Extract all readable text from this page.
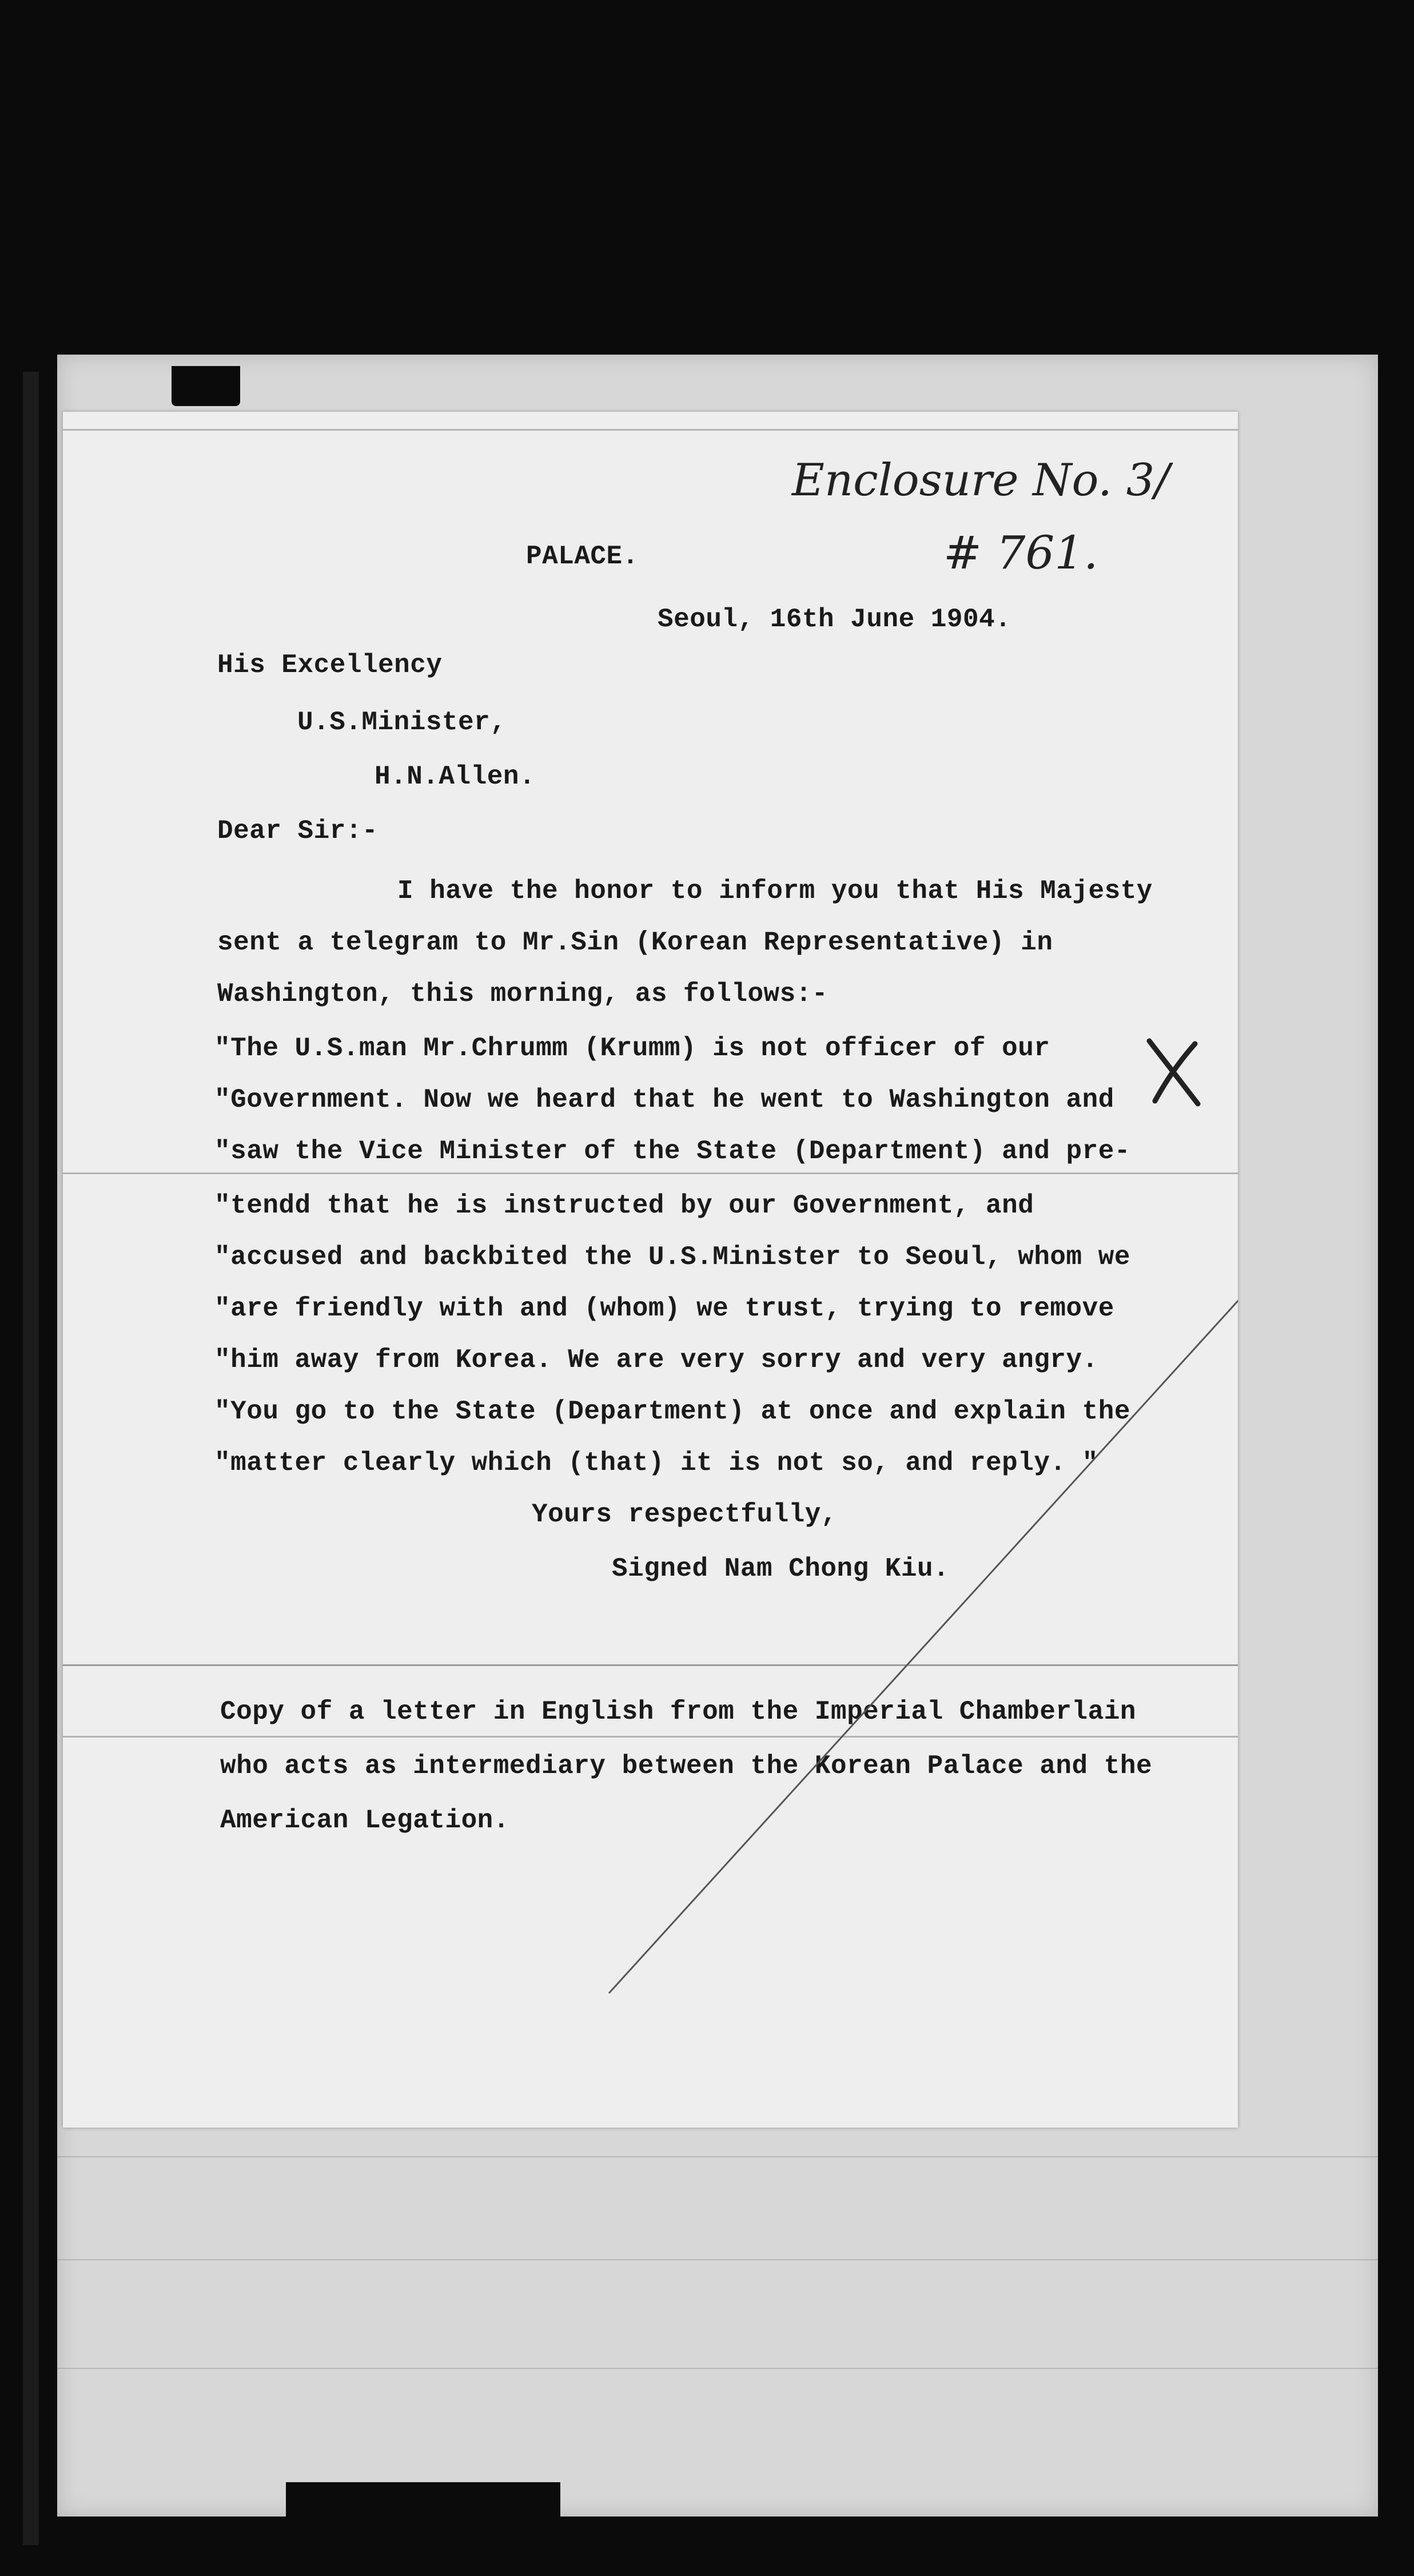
Enclosure No. 3/
# 761.
PALACE.
Seoul, 16th June 1904.
His Excellency
U.S.Minister,
H.N.Allen.
Dear Sir:-
I have the honor to inform you that His Majesty
sent a telegram to Mr.Sin (Korean Representative) in
Washington, this morning, as follows:-
"The U.S.man Mr.Chrumm (Krumm) is not officer of our
"Government. Now we heard that he went to Washington and
"saw the Vice Minister of the State (Department) and pre-
"tendd that he is instructed by our Government, and
"accused and backbited the U.S.Minister to Seoul, whom we
"are friendly with and (whom) we trust, trying to remove
"him away from Korea. We are very sorry and very angry.
"You go to the State (Department) at once and explain the
"matter clearly which (that) it is not so, and reply. "
Yours respectfully,
Signed Nam Chong Kiu.
Copy of a letter in English from the Imperial Chamberlain
who acts as intermediary between the Korean Palace and the
American Legation.
